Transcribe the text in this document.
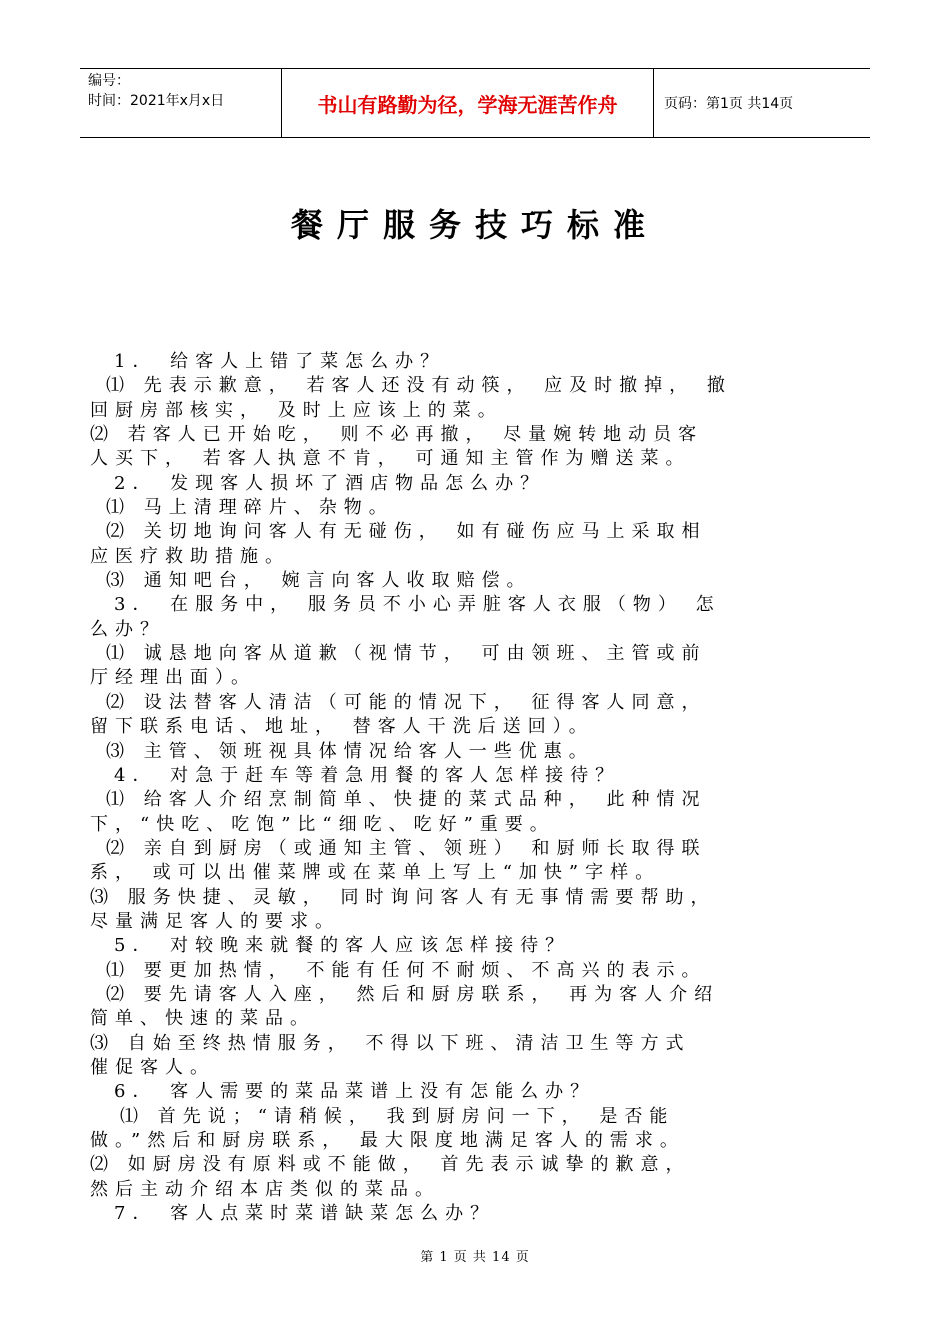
编号：
时间：2021年x月x日	书山有路勤为径，学海无涯苦作舟	页码：第1页 共14页
餐厅服务技巧标准
1． 给客人上错了菜怎么办？
⑴ 先表示歉意， 若客人还没有动筷， 应及时撤掉， 撤
回厨房部核实， 及时上应该上的菜。
⑵ 若客人已开始吃， 则不必再撤， 尽量婉转地动员客
人买下， 若客人执意不肯， 可通知主管作为赠送菜。
2． 发现客人损坏了酒店物品怎么办？
⑴ 马上清理碎片、杂物。
⑵ 关切地询问客人有无碰伤， 如有碰伤应马上采取相
应医疗救助措施。
⑶ 通知吧台， 婉言向客人收取赔偿。
3． 在服务中， 服务员不小心弄脏客人衣服（物） 怎
么办？
⑴ 诚恳地向客从道歉（视情节， 可由领班、主管或前
厅经理出面）。
⑵ 设法替客人清洁（可能的情况下， 征得客人同意，
留下联系电话、地址， 替客人干洗后送回）。
⑶ 主管、领班视具体情况给客人一些优惠。
4． 对急于赶车等着急用餐的客人怎样接待？
⑴ 给客人介绍烹制简单、快捷的菜式品种， 此种情况
下，“快吃、吃饱”比“细吃、吃好”重要。
⑵ 亲自到厨房（或通知主管、领班） 和厨师长取得联
系， 或可以出催菜牌或在菜单上写上“加快”字样。
⑶ 服务快捷、灵敏， 同时询问客人有无事情需要帮助，
尽量满足客人的要求。
5． 对较晚来就餐的客人应该怎样接待？
⑴ 要更加热情， 不能有任何不耐烦、不高兴的表示。
⑵ 要先请客人入座， 然后和厨房联系， 再为客人介绍
简单、快速的菜品。
⑶ 自始至终热情服务， 不得以下班、清洁卫生等方式
催促客人。
6． 客人需要的菜品菜谱上没有怎能么办？
⑴ 首先说；“请稍候， 我到厨房问一下， 是否能
做。”然后和厨房联系， 最大限度地满足客人的需求。
⑵ 如厨房没有原料或不能做， 首先表示诚挚的歉意，
然后主动介绍本店类似的菜品。
7． 客人点菜时菜谱缺菜怎么办？
第 1 页 共 14 页
